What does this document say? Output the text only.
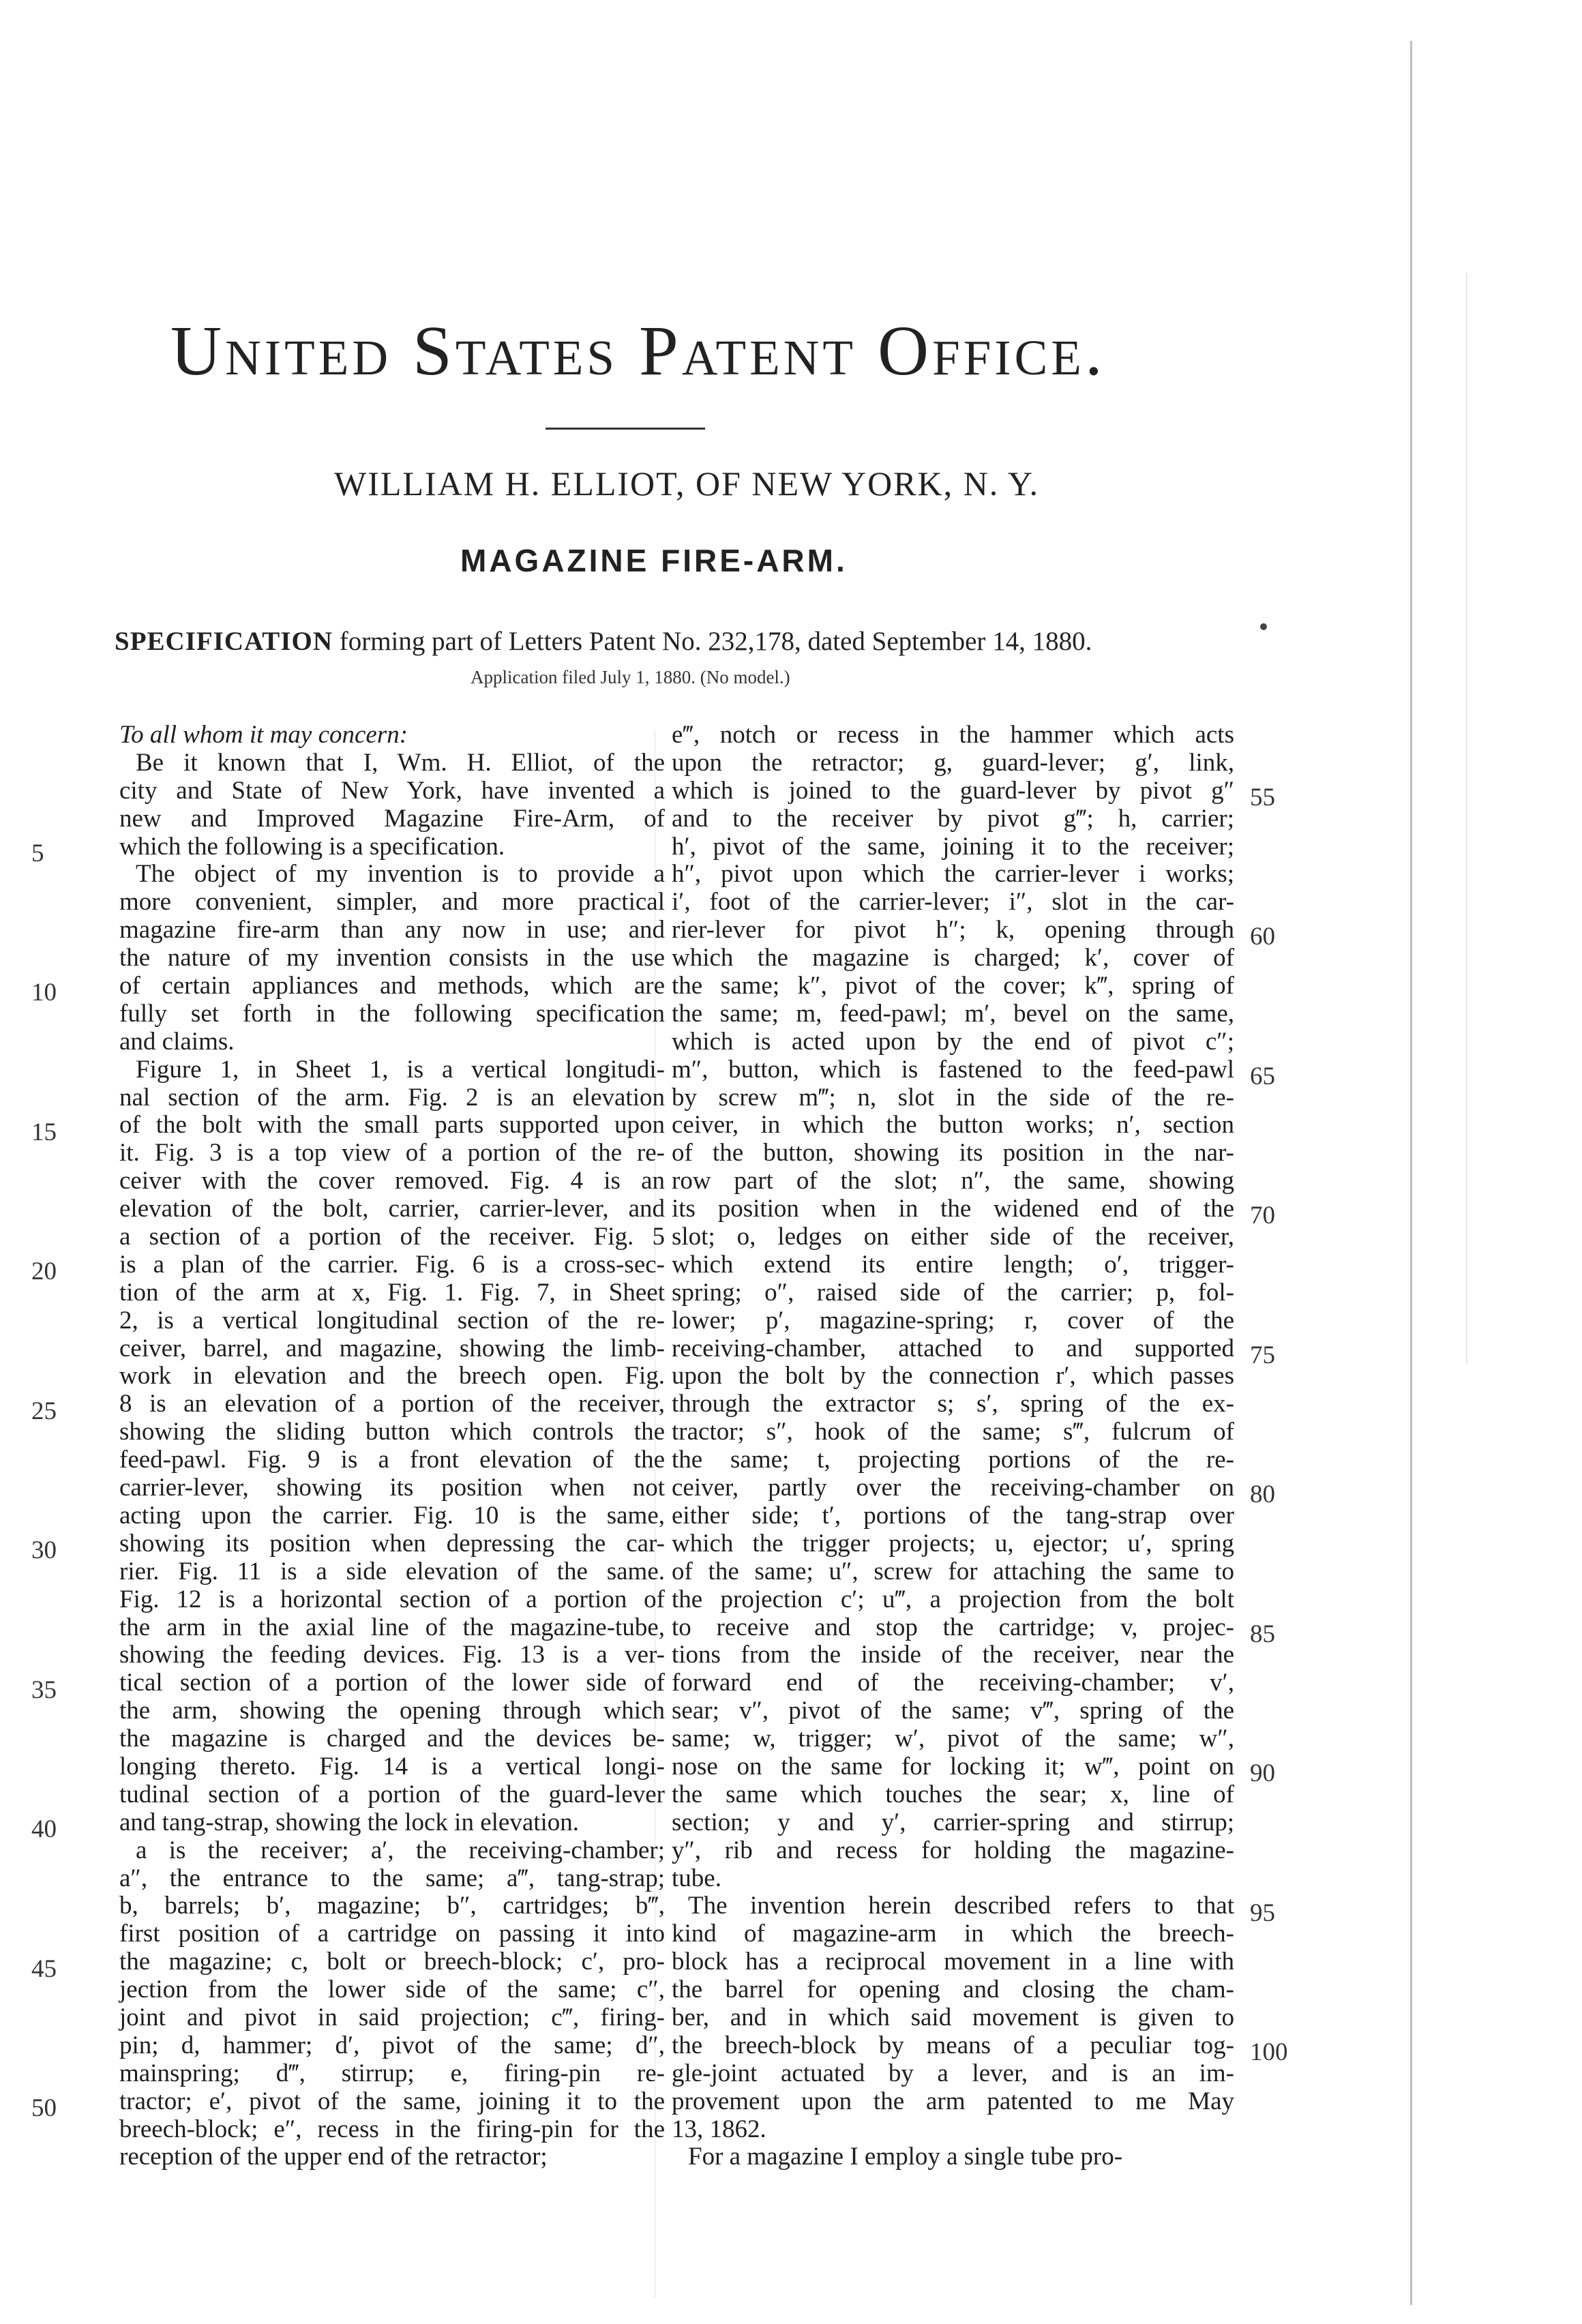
United States Patent Office.
WILLIAM H. ELLIOT, OF NEW YORK, N. Y.
MAGAZINE FIRE-ARM.
SPECIFICATION forming part of Letters Patent No. 232,178, dated September 14, 1880.
Application filed July 1, 1880. (No model.)
To all whom it may concern:
Be it known that I, Wm. H. Elliot, of the
city and State of New York, have invented a
new and Improved Magazine Fire-Arm, of
which the following is a specification.
The object of my invention is to provide a
more convenient, simpler, and more practical
magazine fire-arm than any now in use; and
the nature of my invention consists in the use
of certain appliances and methods, which are
fully set forth in the following specification
and claims.
Figure 1, in Sheet 1, is a vertical longitudi-
nal section of the arm. Fig. 2 is an elevation
of the bolt with the small parts supported upon
it. Fig. 3 is a top view of a portion of the re-
ceiver with the cover removed. Fig. 4 is an
elevation of the bolt, carrier, carrier-lever, and
a section of a portion of the receiver. Fig. 5
is a plan of the carrier. Fig. 6 is a cross-sec-
tion of the arm at x, Fig. 1. Fig. 7, in Sheet
2, is a vertical longitudinal section of the re-
ceiver, barrel, and magazine, showing the limb-
work in elevation and the breech open. Fig.
8 is an elevation of a portion of the receiver,
showing the sliding button which controls the
feed-pawl. Fig. 9 is a front elevation of the
carrier-lever, showing its position when not
acting upon the carrier. Fig. 10 is the same,
showing its position when depressing the car-
rier. Fig. 11 is a side elevation of the same.
Fig. 12 is a horizontal section of a portion of
the arm in the axial line of the magazine-tube,
showing the feeding devices. Fig. 13 is a ver-
tical section of a portion of the lower side of
the arm, showing the opening through which
the magazine is charged and the devices be-
longing thereto. Fig. 14 is a vertical longi-
tudinal section of a portion of the guard-lever
and tang-strap, showing the lock in elevation.
a is the receiver; a′, the receiving-chamber;
a″, the entrance to the same; a‴, tang-strap;
b, barrels; b′, magazine; b″, cartridges; b‴,
first position of a cartridge on passing it into
the magazine; c, bolt or breech-block; c′, pro-
jection from the lower side of the same; c″,
joint and pivot in said projection; c‴, firing-
pin; d, hammer; d′, pivot of the same; d″,
mainspring; d‴, stirrup; e, firing-pin re-
tractor; e′, pivot of the same, joining it to the
breech-block; e″, recess in the firing-pin for the
reception of the upper end of the retractor;
e‴, notch or recess in the hammer which acts
upon the retractor; g, guard-lever; g′, link,
which is joined to the guard-lever by pivot g″
and to the receiver by pivot g‴; h, carrier;
h′, pivot of the same, joining it to the receiver;
h″, pivot upon which the carrier-lever i works;
i′, foot of the carrier-lever; i″, slot in the car-
rier-lever for pivot h″; k, opening through
which the magazine is charged; k′, cover of
the same; k″, pivot of the cover; k‴, spring of
the same; m, feed-pawl; m′, bevel on the same,
which is acted upon by the end of pivot c″;
m″, button, which is fastened to the feed-pawl
by screw m‴; n, slot in the side of the re-
ceiver, in which the button works; n′, section
of the button, showing its position in the nar-
row part of the slot; n″, the same, showing
its position when in the widened end of the
slot; o, ledges on either side of the receiver,
which extend its entire length; o′, trigger-
spring; o″, raised side of the carrier; p, fol-
lower; p′, magazine-spring; r, cover of the
receiving-chamber, attached to and supported
upon the bolt by the connection r′, which passes
through the extractor s; s′, spring of the ex-
tractor; s″, hook of the same; s‴, fulcrum of
the same; t, projecting portions of the re-
ceiver, partly over the receiving-chamber on
either side; t′, portions of the tang-strap over
which the trigger projects; u, ejector; u′, spring
of the same; u″, screw for attaching the same to
the projection c′; u‴, a projection from the bolt
to receive and stop the cartridge; v, projec-
tions from the inside of the receiver, near the
forward end of the receiving-chamber; v′,
sear; v″, pivot of the same; v‴, spring of the
same; w, trigger; w′, pivot of the same; w″,
nose on the same for locking it; w‴, point on
the same which touches the sear; x, line of
section; y and y′, carrier-spring and stirrup;
y″, rib and recess for holding the magazine-
tube.
The invention herein described refers to that
kind of magazine-arm in which the breech-
block has a reciprocal movement in a line with
the barrel for opening and closing the cham-
ber, and in which said movement is given to
the breech-block by means of a peculiar tog-
gle-joint actuated by a lever, and is an im-
provement upon the arm patented to me May
13, 1862.
For a magazine I employ a single tube pro-
5
10
15
20
25
30
35
40
45
50
55
60
65
70
75
80
85
90
95
100
